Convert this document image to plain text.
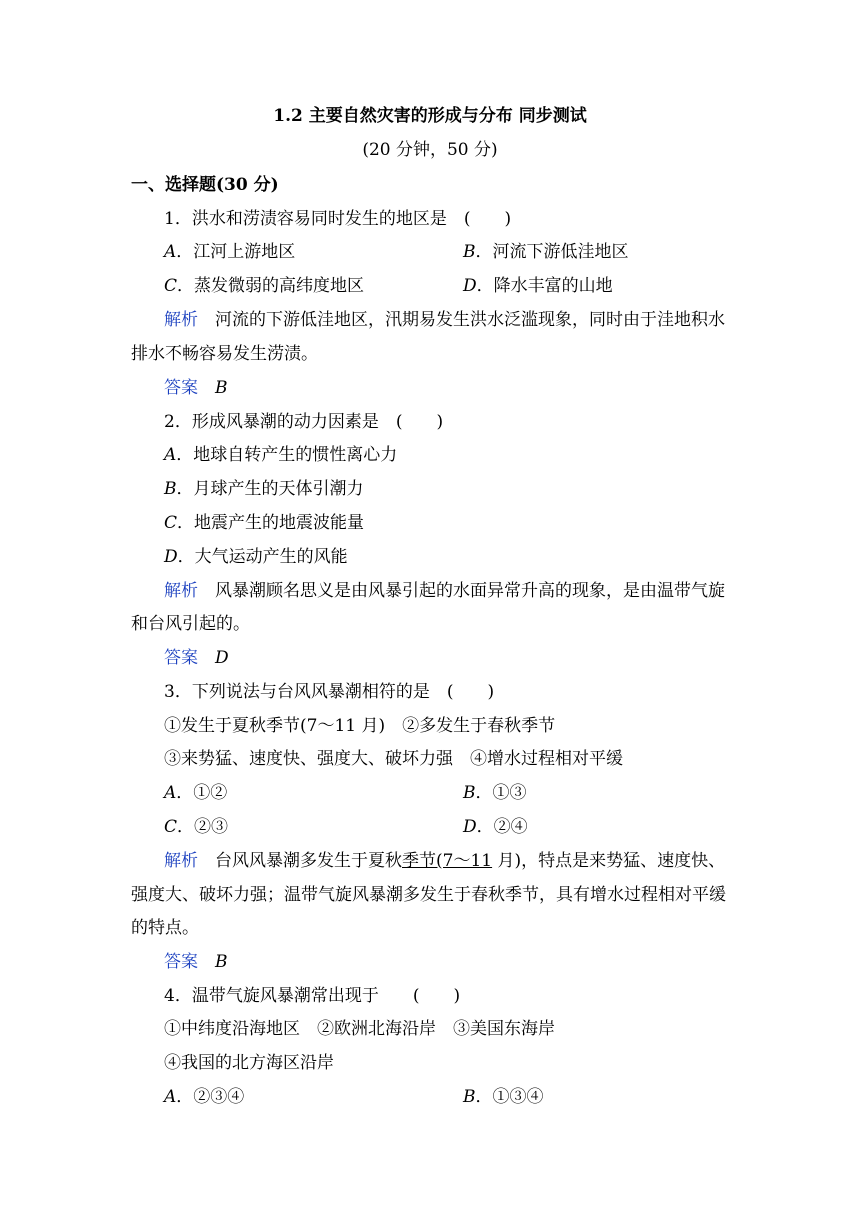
1.2 主要自然灾害的形成与分布 同步测试
(20 分钟，50 分)
一、选择题(30 分)
1．洪水和涝渍容易同时发生的地区是　(　　)
A．江河上游地区	B．河流下游低洼地区
C．蒸发微弱的高纬度地区	D．降水丰富的山地
解析　河流的下游低洼地区，汛期易发生洪水泛滥现象，同时由于洼地积水
排水不畅容易发生涝渍。
答案　 B
2．形成风暴潮的动力因素是　(　　)
A．地球自转产生的惯性离心力
B．月球产生的天体引潮力
C．地震产生的地震波能量
D．大气运动产生的风能
解析　风暴潮顾名思义是由风暴引起的水面异常升高的现象，是由温带气旋
和台风引起的。
答案　 D
3．下列说法与台风风暴潮相符的是　(　　)
①发生于夏秋季节(7～11 月)　②多发生于春秋季节
③来势猛、速度快、强度大、破坏力强　④增水过程相对平缓
A．①②	B．①③
C．②③	D．②④
解析　台风风暴潮多发生于夏秋季节(7～11 月)，特点是来势猛、速度快、
强度大、破坏力强；温带气旋风暴潮多发生于春秋季节，具有增水过程相对平缓
的特点。
答案　 B
4．温带气旋风暴潮常出现于　　(　　)
①中纬度沿海地区　②欧洲北海沿岸　③美国东海岸
④我国的北方海区沿岸
A．②③④	B．①③④
